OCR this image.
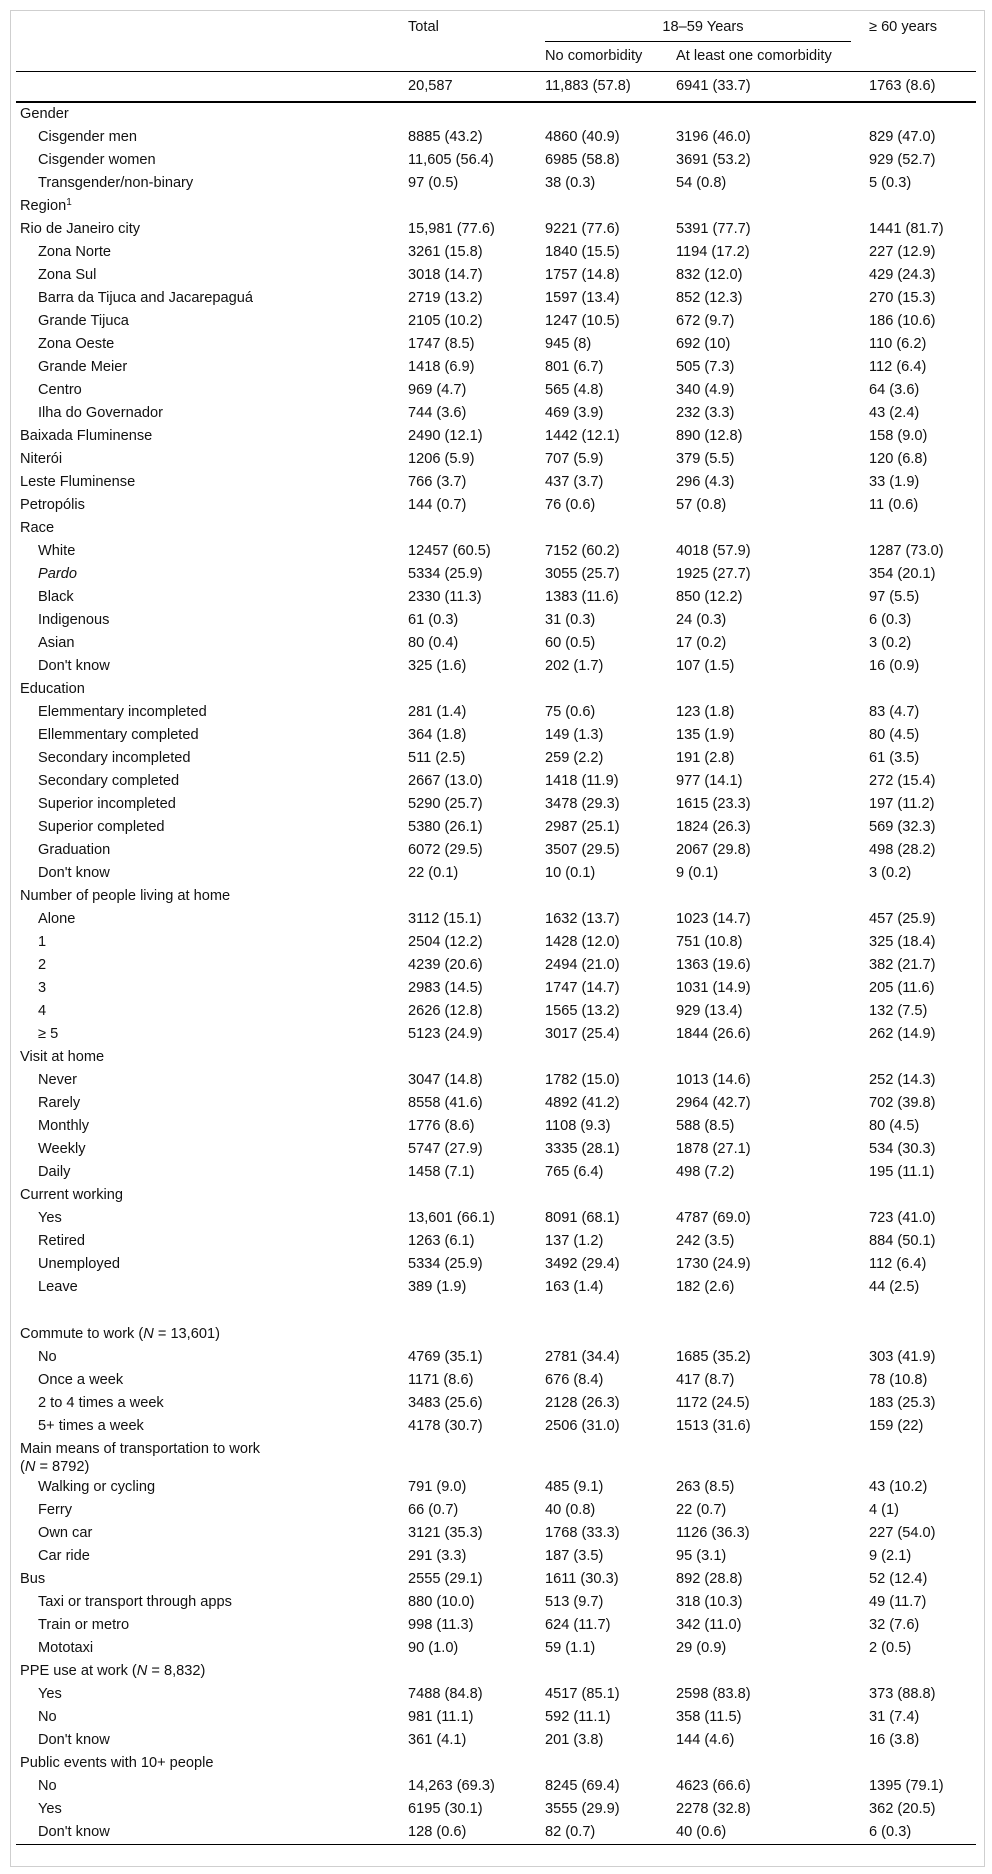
	Total	18–59 Years		≥ 60 years
		No comorbidity	At least one comorbidity	
	20,587	11,883 (57.8)	6941 (33.7)	1763 (8.6)
Gender				
Cisgender men	8885 (43.2)	4860 (40.9)	3196 (46.0)	829 (47.0)
Cisgender women	11,605 (56.4)	6985 (58.8)	3691 (53.2)	929 (52.7)
Transgender/non-binary	97 (0.5)	38 (0.3)	54 (0.8)	5 (0.3)
Region$^1$				
Rio de Janeiro city	15,981 (77.6)	9221 (77.6)	5391 (77.7)	1441 (81.7)
Zona Norte	3261 (15.8)	1840 (15.5)	1194 (17.2)	227 (12.9)
Zona Sul	3018 (14.7)	1757 (14.8)	832 (12.0)	429 (24.3)
Barra da Tijuca and Jacarepaguá	2719 (13.2)	1597 (13.4)	852 (12.3)	270 (15.3)
Grande Tijuca	2105 (10.2)	1247 (10.5)	672 (9.7)	186 (10.6)
Zona Oeste	1747 (8.5)	945 (8)	692 (10)	110 (6.2)
Grande Meier	1418 (6.9)	801 (6.7)	505 (7.3)	112 (6.4)
Centro	969 (4.7)	565 (4.8)	340 (4.9)	64 (3.6)
Ilha do Governador	744 (3.6)	469 (3.9)	232 (3.3)	43 (2.4)
Baixada Fluminense	2490 (12.1)	1442 (12.1)	890 (12.8)	158 (9.0)
Niterói	1206 (5.9)	707 (5.9)	379 (5.5)	120 (6.8)
Leste Fluminense	766 (3.7)	437 (3.7)	296 (4.3)	33 (1.9)
Petropólis	144 (0.7)	76 (0.6)	57 (0.8)	11 (0.6)
Race				
White	12457 (60.5)	7152 (60.2)	4018 (57.9)	1287 (73.0)
Pardo	5334 (25.9)	3055 (25.7)	1925 (27.7)	354 (20.1)
Black	2330 (11.3)	1383 (11.6)	850 (12.2)	97 (5.5)
Indigenous	61 (0.3)	31 (0.3)	24 (0.3)	6 (0.3)
Asian	80 (0.4)	60 (0.5)	17 (0.2)	3 (0.2)
Don't know	325 (1.6)	202 (1.7)	107 (1.5)	16 (0.9)
Education				
Elemmentary incompleted	281 (1.4)	75 (0.6)	123 (1.8)	83 (4.7)
Ellemmentary completed	364 (1.8)	149 (1.3)	135 (1.9)	80 (4.5)
Secondary incompleted	511 (2.5)	259 (2.2)	191 (2.8)	61 (3.5)
Secondary completed	2667 (13.0)	1418 (11.9)	977 (14.1)	272 (15.4)
Superior incompleted	5290 (25.7)	3478 (29.3)	1615 (23.3)	197 (11.2)
Superior completed	5380 (26.1)	2987 (25.1)	1824 (26.3)	569 (32.3)
Graduation	6072 (29.5)	3507 (29.5)	2067 (29.8)	498 (28.2)
Don't know	22 (0.1)	10 (0.1)	9 (0.1)	3 (0.2)
Number of people living at home				
Alone	3112 (15.1)	1632 (13.7)	1023 (14.7)	457 (25.9)
1	2504 (12.2)	1428 (12.0)	751 (10.8)	325 (18.4)
2	4239 (20.6)	2494 (21.0)	1363 (19.6)	382 (21.7)
3	2983 (14.5)	1747 (14.7)	1031 (14.9)	205 (11.6)
4	2626 (12.8)	1565 (13.2)	929 (13.4)	132 (7.5)
≥ 5	5123 (24.9)	3017 (25.4)	1844 (26.6)	262 (14.9)
Visit at home				
Never	3047 (14.8)	1782 (15.0)	1013 (14.6)	252 (14.3)
Rarely	8558 (41.6)	4892 (41.2)	2964 (42.7)	702 (39.8)
Monthly	1776 (8.6)	1108 (9.3)	588 (8.5)	80 (4.5)
Weekly	5747 (27.9)	3335 (28.1)	1878 (27.1)	534 (30.3)
Daily	1458 (7.1)	765 (6.4)	498 (7.2)	195 (11.1)
Current working				
Yes	13,601 (66.1)	8091 (68.1)	4787 (69.0)	723 (41.0)
Retired	1263 (6.1)	137 (1.2)	242 (3.5)	884 (50.1)
Unemployed	5334 (25.9)	3492 (29.4)	1730 (24.9)	112 (6.4)
Leave	389 (1.9)	163 (1.4)	182 (2.6)	44 (2.5)

Commute to work (N = 13,601)				
No	4769 (35.1)	2781 (34.4)	1685 (35.2)	303 (41.9)
Once a week	1171 (8.6)	676 (8.4)	417 (8.7)	78 (10.8)
2 to 4 times a week	3483 (25.6)	2128 (26.3)	1172 (24.5)	183 (25.3)
5+ times a week	4178 (30.7)	2506 (31.0)	1513 (31.6)	159 (22)
Main means of transportation to work
(N = 8792)				
Walking or cycling	791 (9.0)	485 (9.1)	263 (8.5)	43 (10.2)
Ferry	66 (0.7)	40 (0.8)	22 (0.7)	4 (1)
Own car	3121 (35.3)	1768 (33.3)	1126 (36.3)	227 (54.0)
Car ride	291 (3.3)	187 (3.5)	95 (3.1)	9 (2.1)
Bus	2555 (29.1)	1611 (30.3)	892 (28.8)	52 (12.4)
Taxi or transport through apps	880 (10.0)	513 (9.7)	318 (10.3)	49 (11.7)
Train or metro	998 (11.3)	624 (11.7)	342 (11.0)	32 (7.6)
Mototaxi	90 (1.0)	59 (1.1)	29 (0.9)	2 (0.5)
PPE use at work (N = 8,832)				
Yes	7488 (84.8)	4517 (85.1)	2598 (83.8)	373 (88.8)
No	981 (11.1)	592 (11.1)	358 (11.5)	31 (7.4)
Don't know	361 (4.1)	201 (3.8)	144 (4.6)	16 (3.8)
Public events with 10+ people				
No	14,263 (69.3)	8245 (69.4)	4623 (66.6)	1395 (79.1)
Yes	6195 (30.1)	3555 (29.9)	2278 (32.8)	362 (20.5)
Don't know	128 (0.6)	82 (0.7)	40 (0.6)	6 (0.3)
